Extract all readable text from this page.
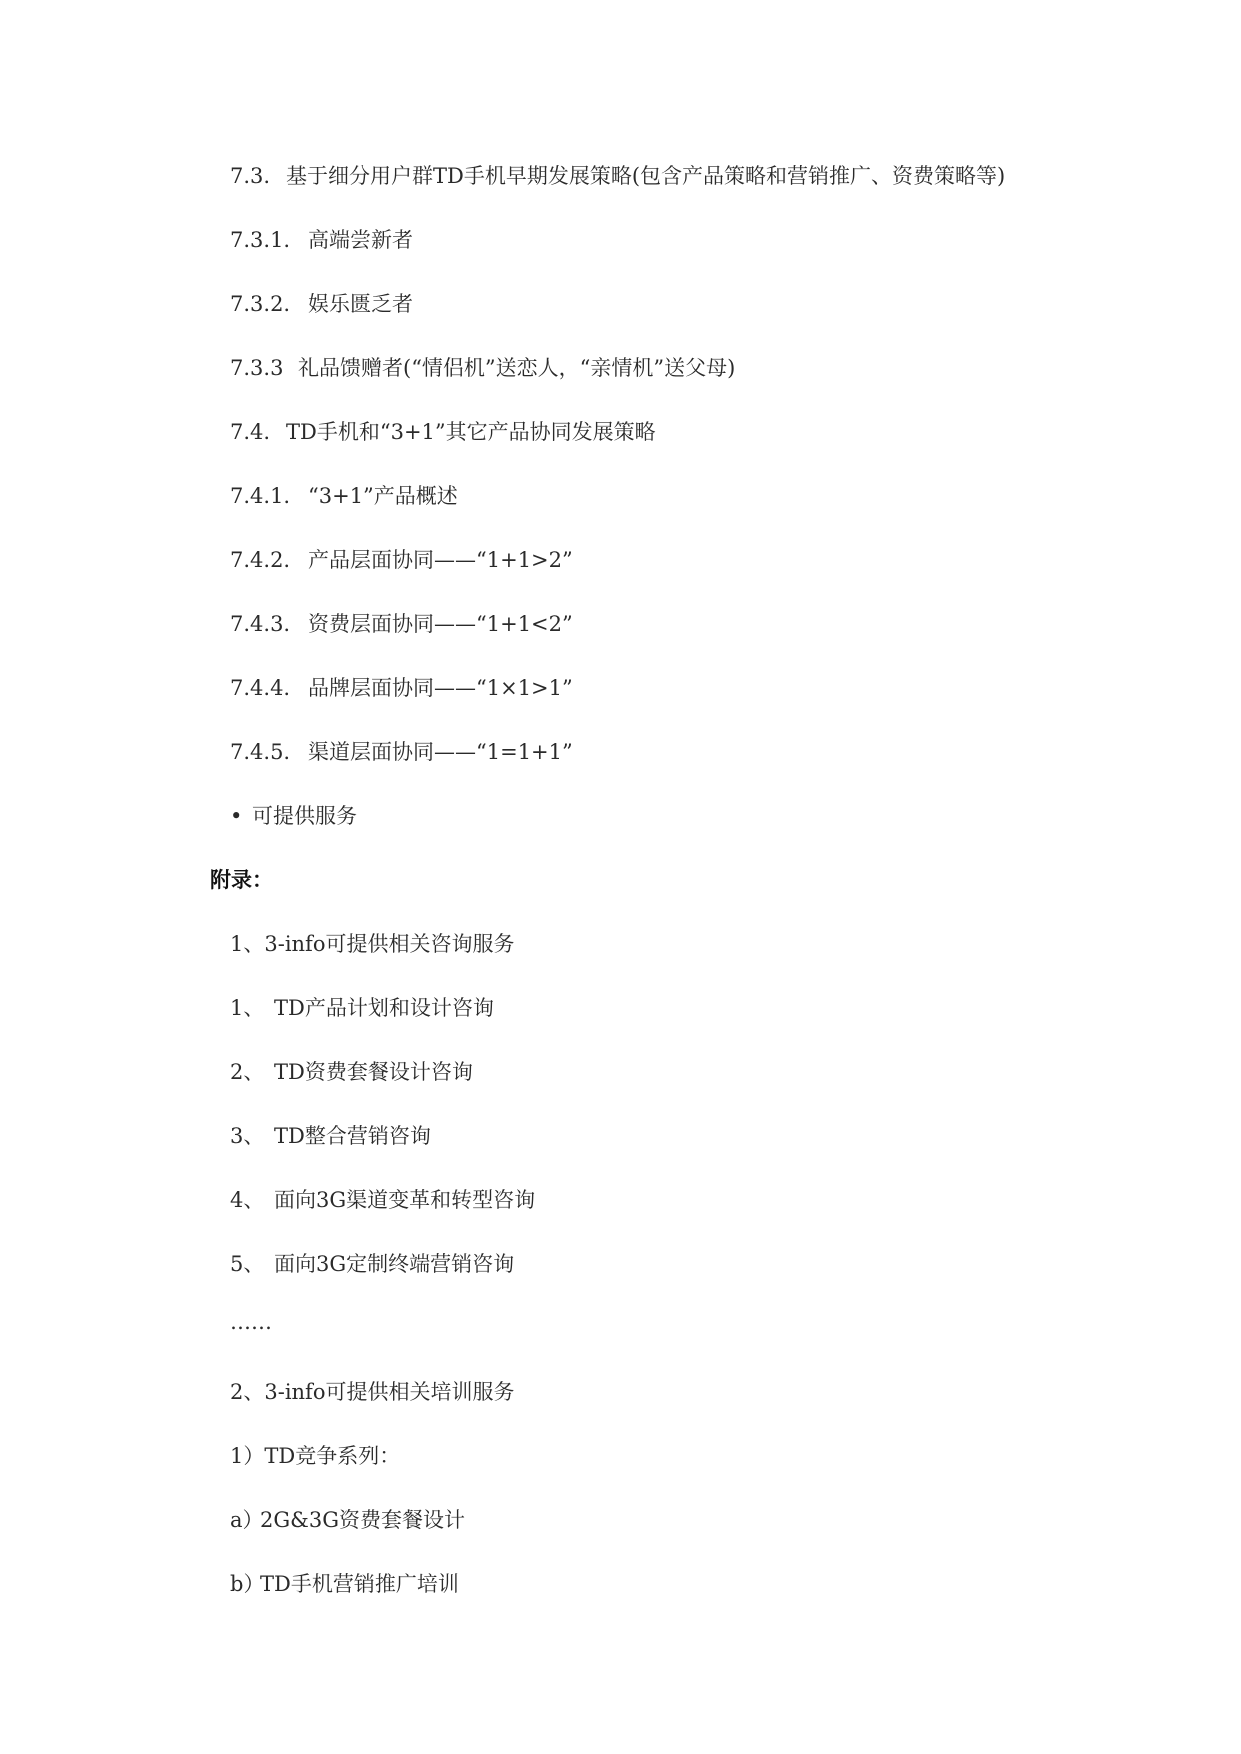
7.3. 基于细分用户群TD手机早期发展策略(包含产品策略和营销推广、资费策略等)
7.3.1. 高端尝新者
7.3.2. 娱乐匮乏者
7.3.3 礼品馈赠者(“情侣机”送恋人，“亲情机”送父母)
7.4. TD手机和“3+1”其它产品协同发展策略
7.4.1. “3+1”产品概述
7.4.2. 产品层面协同——“1+1>2”
7.4.3. 资费层面协同——“1+1<2”
7.4.4. 品牌层面协同——“1×1>1”
7.4.5. 渠道层面协同——“1=1+1”
• 可提供服务
附录：
1、3-info可提供相关咨询服务
1、 TD产品计划和设计咨询
2、 TD资费套餐设计咨询
3、 TD整合营销咨询
4、 面向3G渠道变革和转型咨询
5、 面向3G定制终端营销咨询
……
2、3-info可提供相关培训服务
1）TD竞争系列：
a）2G&3G资费套餐设计
b）TD手机营销推广培训
